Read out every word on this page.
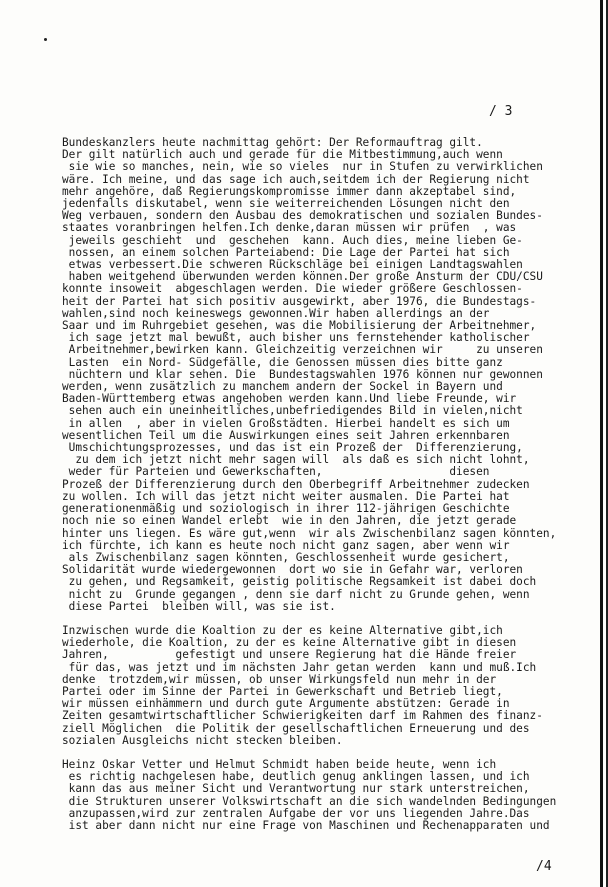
/ 3
Bundeskanzlers heute nachmittag gehört: Der Reformauftrag gilt.
Der gilt natürlich auch und gerade für die Mitbestimmung,auch wenn
sie wie so manches, nein, wie so vieles  nur in Stufen zu verwirklichen
wäre. Ich meine, und das sage ich auch,seitdem ich der Regierung nicht
mehr angehöre, daß Regierungskompromisse immer dann akzeptabel sind,
jedenfalls diskutabel, wenn sie weiterreichenden Lösungen nicht den
Weg verbauen, sondern den Ausbau des demokratischen und sozialen Bundes-
staates voranbringen helfen.Ich denke,daran müssen wir prüfen  , was
jeweils geschieht  und  geschehen  kann. Auch dies, meine lieben Ge-
nossen, an einem solchen Parteiabend: Die Lage der Partei hat sich
etwas verbessert.Die schweren Rückschläge bei einigen Landtagswahlen
haben weitgehend überwunden werden können.Der große Ansturm der CDU/CSU
konnte insoweit  abgeschlagen werden. Die wieder größere Geschlossen-
heit der Partei hat sich positiv ausgewirkt, aber 1976, die Bundestags-
wahlen,sind noch keineswegs gewonnen.Wir haben allerdings an der
Saar und im Ruhrgebiet gesehen, was die Mobilisierung der Arbeitnehmer,
ich sage jetzt mal bewußt, auch bisher uns fernstehender katholischer
Arbeitnehmer,bewirken kann. Gleichzeitig verzeichnen wir     zu unseren
Lasten  ein Nord- Südgefälle, die Genossen müssen dies bitte ganz
nüchtern und klar sehen. Die  Bundestagswahlen 1976 können nur gewonnen
werden, wenn zusätzlich zu manchem andern der Sockel in Bayern und
Baden-Württemberg etwas angehoben werden kann.Und liebe Freunde, wir
sehen auch ein uneinheitliches,unbefriedigendes Bild in vielen,nicht
in allen  , aber in vielen Großstädten. Hierbei handelt es sich um
wesentlichen Teil um die Auswirkungen eines seit Jahren erkennbaren
Umschichtungsprozesses, und das ist ein Prozeß der  Differenzierung,
zu dem ich jetzt nicht mehr sagen will  als daß es sich nicht lohnt,
weder für Parteien und Gewerkschaften,                   diesen
Prozeß der Differenzierung durch den Oberbegriff Arbeitnehmer zudecken
zu wollen. Ich will das jetzt nicht weiter ausmalen. Die Partei hat
generationenmäßig und soziologisch in ihrer 112-jährigen Geschichte
noch nie so einen Wandel erlebt  wie in den Jahren, die jetzt gerade
hinter uns liegen. Es wäre gut,wenn  wir als Zwischenbilanz sagen könnten,
ich fürchte, ich kann es heute noch nicht ganz sagen, aber wenn wir
als Zwischenbilanz sagen könnten, Geschlossenheit wurde gesichert,
Solidarität wurde wiedergewonnen  dort wo sie in Gefahr war, verloren
zu gehen, und Regsamkeit, geistig politische Regsamkeit ist dabei doch
nicht zu  Grunde gegangen , denn sie darf nicht zu Grunde gehen, wenn
diese Partei  bleiben will, was sie ist.
Inzwischen wurde die Koaltion zu der es keine Alternative gibt,ich
wiederhole, die Koaltion, zu der es keine Alternative gibt in diesen
Jahren,          gefestigt und unsere Regierung hat die Hände freier
für das, was jetzt und im nächsten Jahr getan werden  kann und muß.Ich
denke  trotzdem,wir müssen, ob unser Wirkungsfeld nun mehr in der
Partei oder im Sinne der Partei in Gewerkschaft und Betrieb liegt,
wir müssen einhämmern und durch gute Argumente abstützen: Gerade in
Zeiten gesamtwirtschaftlicher Schwierigkeiten darf im Rahmen des finanz-
ziell Möglichen  die Politik der gesellschaftlichen Erneuerung und des
sozialen Ausgleichs nicht stecken bleiben.
Heinz Oskar Vetter und Helmut Schmidt haben beide heute, wenn ich
es richtig nachgelesen habe, deutlich genug anklingen lassen, und ich
kann das aus meiner Sicht und Verantwortung nur stark unterstreichen,
die Strukturen unserer Volkswirtschaft an die sich wandelnden Bedingungen
anzupassen,wird zur zentralen Aufgabe der vor uns liegenden Jahre.Das
ist aber dann nicht nur eine Frage von Maschinen und Rechenapparaten und
/4
